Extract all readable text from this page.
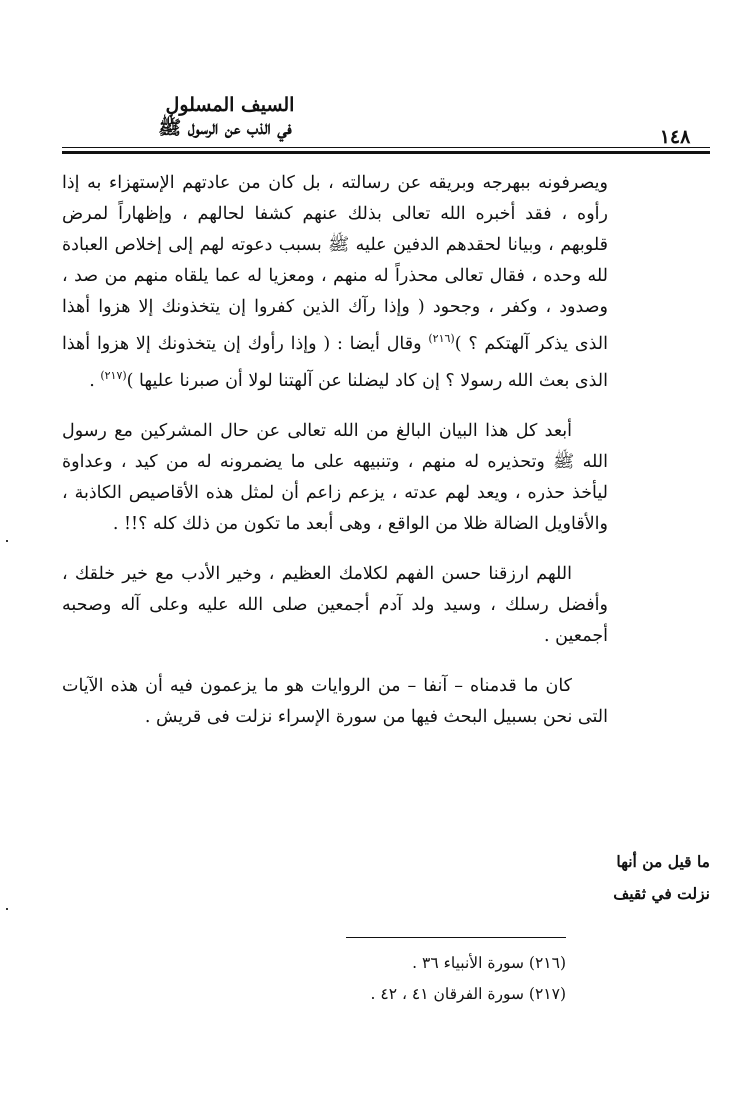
السيف المسلول
في الذب عن الرسول ﷺ	١٤٨

ويصرفونه ببهرجه وبريقه عن رسالته ، بل كان من عادتهم الإستهزاء به إذا رأوه ، فقد أخبره الله تعالى بذلك عنهم كشفا لحالهم ، وإظهاراً لمرض قلوبهم ، وبيانا لحقدهم الدفين عليه ﷺ بسبب دعوته لهم إلى إخلاص العبادة لله وحده ، فقال تعالى محذراً له منهم ، ومعزيا له عما يلقاه منهم من صد ، وصدود ، وكفر ، وجحود ( وإذا رآك الذين كفروا إن يتخذونك إلا هزوا أهذا الذى يذكر آلهتكم ؟ )$^{(٢١٦)}$ وقال أيضا : ( وإذا رأوك إن يتخذونك إلا هزوا أهذا الذى بعث الله رسولا ؟ إن كاد ليضلنا عن آلهتنا لولا أن صبرنا عليها )$^{(٢١٧)}$ .

أبعد كل هذا البيان البالغ من الله تعالى عن حال المشركين مع رسول الله ﷺ وتحذيره له منهم ، وتنبيهه على ما يضمرونه له من كيد ، وعداوة ليأخذ حذره ، ويعد لهم عدته ، يزعم زاعم أن لمثل هذه الأقاصيص الكاذبة ، والأقاويل الضالة ظلا من الواقع ، وهى أبعد ما تكون من ذلك كله ؟!! .

اللهم ارزقنا حسن الفهم لكلامك العظيم ، وخير الأدب مع خير خلقك ، وأفضل رسلك ، وسيد ولد آدم أجمعين صلى الله عليه وعلى آله وصحبه أجمعين .

كان ما قدمناه – آنفا – من الروايات هو ما يزعمون فيه أن هذه الآيات التى نحن بسبيل البحث فيها من سورة الإسراء نزلت فى قريش .

ما قيل من أنها
نزلت في ثقيف

(٢١٦) سورة الأنبياء ٣٦ .

(٢١٧) سورة الفرقان ٤١ ، ٤٢ .
